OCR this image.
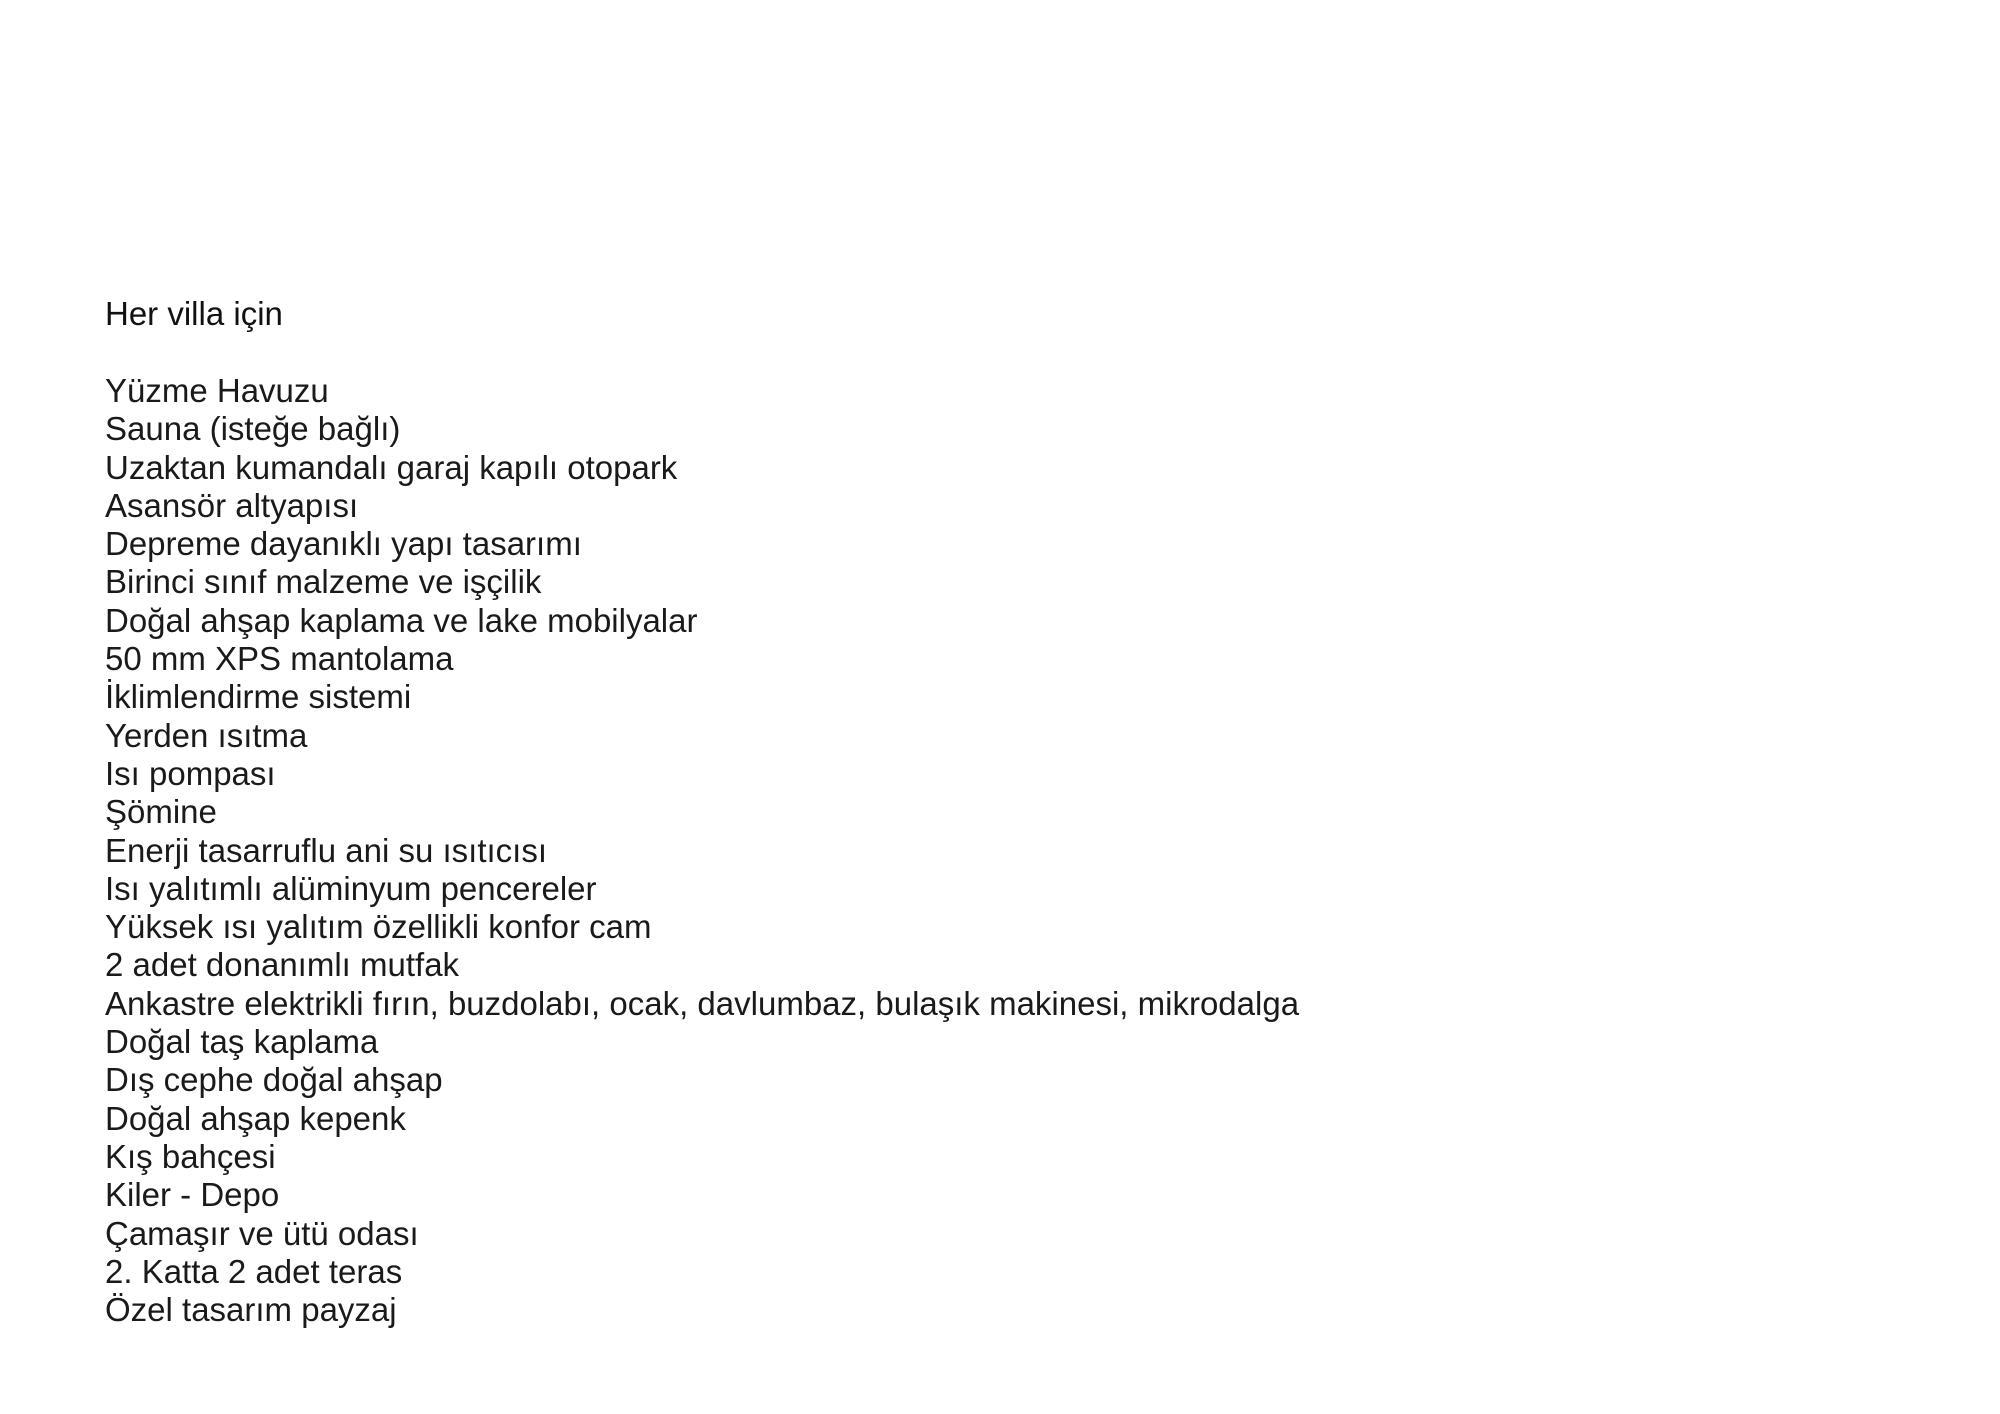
Her villa için
Yüzme Havuzu
Sauna (isteğe bağlı)
Uzaktan kumandalı garaj kapılı otopark
Asansör altyapısı
Depreme dayanıklı yapı tasarımı
Birinci sınıf malzeme ve işçilik
Doğal ahşap kaplama ve lake mobilyalar
50 mm XPS mantolama
İklimlendirme sistemi
Yerden ısıtma
Isı pompası
Şömine
Enerji tasarruflu ani su ısıtıcısı
Isı yalıtımlı alüminyum pencereler
Yüksek ısı yalıtım özellikli konfor cam
2 adet donanımlı mutfak
Ankastre elektrikli fırın, buzdolabı, ocak, davlumbaz, bulaşık makinesi, mikrodalga
Doğal taş kaplama
Dış cephe doğal ahşap
Doğal ahşap kepenk
Kış bahçesi
Kiler - Depo
Çamaşır ve ütü odası
2. Katta 2 adet teras
Özel tasarım payzaj
